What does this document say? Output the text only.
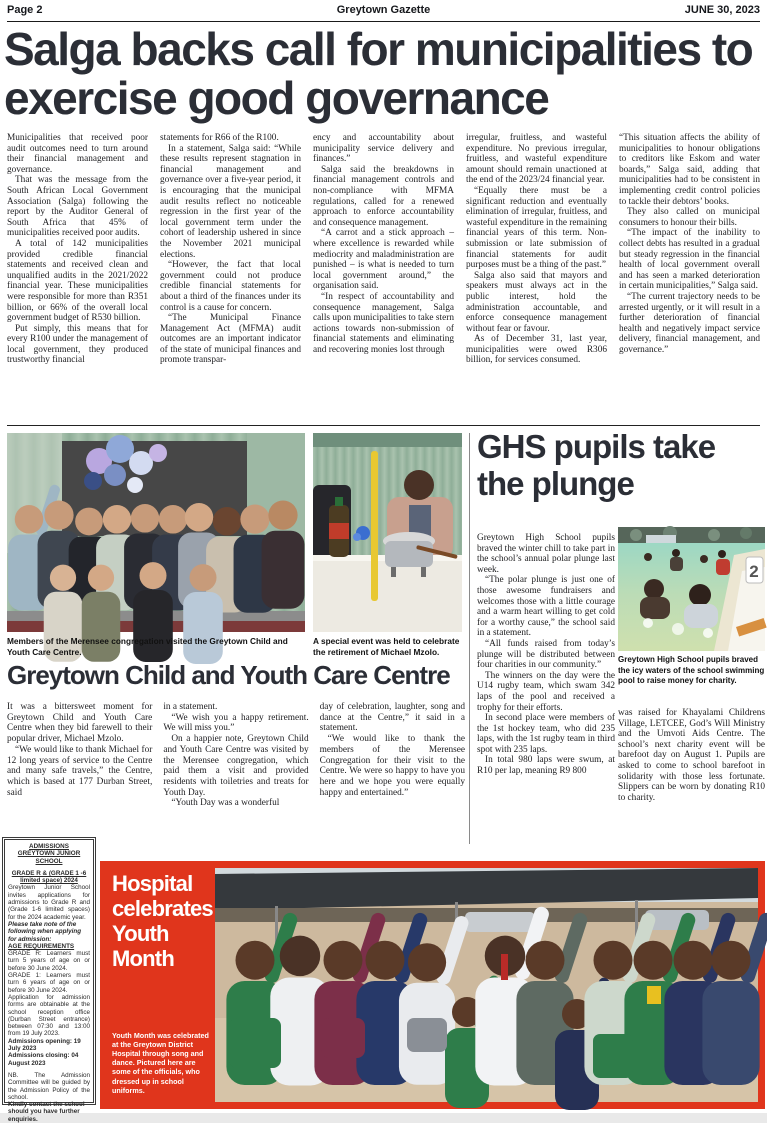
Page 2	Greytown Gazette	JUNE 30, 2023
Salga backs call for municipalities to exercise good governance

Municipalities that received poor audit outcomes need to turn around their financial management and governance.

That was the message from the South African Local Government Association (Salga) following the report by the Auditor General of South Africa that 45% of municipalities received poor audits.

A total of 142 municipalities provided credible financial statements and received clean and unqualified audits in the 2021/2022 financial year. These municipalities were responsible for more than R351 billion, or 66% of the overall local government budget of R530 billion.

Put simply, this means that for every R100 under the management of local government, they produced trustworthy financial

statements for R66 of the R100.

In a statement, Salga said: “While these results represent stagnation in financial management and governance over a five-year period, it is encouraging that the municipal audit results reflect no noticeable regression in the first year of the local government term under the cohort of leadership ushered in since the November 2021 municipal elections.

“However, the fact that local government could not produce credible financial statements for about a third of the finances under its control is a cause for concern.

“The Municipal Finance Management Act (MFMA) audit outcomes are an important indicator of the state of municipal finances and promote transpar-

ency and accountability about municipality service delivery and finances.”

Salga said the breakdowns in financial management controls and non-compliance with MFMA regulations, called for a renewed approach to enforce accountability and consequence management.

“A carrot and a stick approach – where excellence is rewarded while mediocrity and maladministration are punished – is what is needed to turn local government around,” the organisation said.

“In respect of accountability and consequence management, Salga calls upon municipalities to take stern actions towards non-submission of financial statements and eliminating and recovering monies lost through

irregular, fruitless, and wasteful expenditure. No previous irregular, fruitless, and wasteful expenditure amount should remain unactioned at the end of the 2023/24 financial year.

“Equally there must be a significant reduction and eventually elimination of irregular, fruitless, and wasteful expenditure in the remaining financial years of this term. Non-submission or late submission of financial statements for audit purposes must be a thing of the past.”

Salga also said that mayors and speakers must always act in the public interest, hold the administration accountable, and enforce consequence management without fear or favour.

As of December 31, last year, municipalities were owed R306 billion, for services consumed.

“This situation affects the ability of municipalities to honour obligations to creditors like Eskom and water boards,” Salga said, adding that municipalities had to be consistent in implementing credit control policies to tackle their debtors’ books.

They also called on municipal consumers to honour their bills.

“The impact of the inability to collect debts has resulted in a gradual but steady regression in the financial health of local government overall and has seen a marked deterioration in certain municipalities,” Salga said.

“The current trajectory needs to be arrested urgently, or it will result in a further deterioration of financial health and negatively impact service delivery, financial management, and governance.”

Members of the Merensee congregation visited the Greytown Child and Youth Care Centre.
A special event was held to celebrate the retirement of Michael Mzolo.
GHS pupils take the plunge

Greytown High School pupils braved the winter chill to take part in the school’s annual polar plunge last week.

“The polar plunge is just one of those awesome fundraisers and welcomes those with a little courage and a warm heart willing to get cold for a worthy cause,” the school said in a statement.

“All funds raised from today’s plunge will be distributed between four charities in our community.”

The winners on the day were the U14 rugby team, which swam 342 laps of the pool and received a trophy for their efforts.

In second place were members of the 1st hockey team, who did 235 laps, with the 1st rugby team in third spot with 235 laps.

In total 980 laps were swum, at R10 per lap, meaning R9 800

2
Greytown High School pupils braved the icy waters of the school swimming pool to raise money for charity.

was raised for Khayalami Childrens Village, LETCEE, God’s Will Ministry and the Umvoti Aids Centre. The school’s next charity event will be barefoot day on August 1. Pupils are asked to come to school barefoot in solidarity with those less fortunate. Slippers can be worn by donating R10 to charity.

Greytown Child and Youth Care Centre

It was a bittersweet moment for Greytown Child and Youth Care Centre when they bid farewell to their popular driver, Michael Mzolo.

“We would like to thank Michael for 12 long years of service to the Centre and many safe travels,” the Centre, which is based at 177 Durban Street, said

in a statement.

“We wish you a happy retirement. We will miss you.”

On a happier note, Greytown Child and Youth Care Centre was visited by the Merensee congregation, which paid them a visit and provided residents with toiletries and treats for Youth Day.

“Youth Day was a wonderful

day of celebration, laughter, song and dance at the Centre,” it said in a statement.

“We would like to thank the members of the Merensee Congregation for their visit to the Centre. We were so happy to have you here and we hope you were equally happy and entertained.”

ADMISSIONS
GREYTOWN JUNIOR SCHOOL
GRADE R & (GRADE 1 -6 limited space) 2024
Greytown Junior School invites applications for admissions to Grade R and (Grade 1-6 limited spaces) for the 2024 academic year.
Please take note of the following when applying for admission:
AGE REQUIREMENTS
GRADE R: Learners must turn 5 years of age on or before 30 June 2024.
GRADE 1: Learners must turn 6 years of age on or before 30 June 2024.
Application for admission forms are obtainable at the school reception office (Durban Street entrance) between 07:30 and 13:00 from 19 July 2023.
Admissions opening: 19 July 2023
Admissions closing: 04 August 2023
NB. The Admission Committee will be guided by the Admission Policy of the school.
Kindly contact the school should you have further enquiries.
Hospital
celebrates
Youth
Month
Youth Month was celebrated at the Greytown District Hospital through song and dance. Pictured here are some of the officials, who dressed up in school uniforms.
